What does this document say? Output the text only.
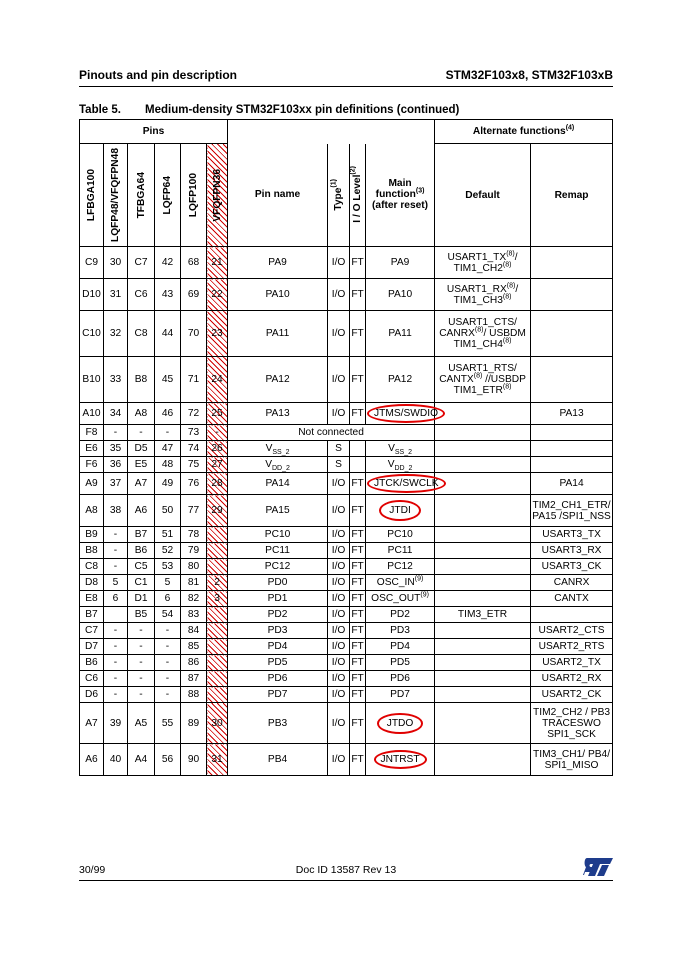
Pinouts and pin description	STM32F103x8, STM32F103xB
Table 5. Medium-density STM32F103xx pin definitions (continued)
Pins										Alternate functions$^{(4)}$

LFBGA100	LQFP48/VFQFPN48	TFBGA64	LQFP64	LQFP100	VFQFPN36	Pin name	Type$^{(1)}$	I / O Level$^{(2)}$	Main
function$^{(3)}$
(after reset)	Default	Remap
C9	30	C7	42	68	21	PA9	I/O	FT	PA9	USART1_TX$^{(8)}$/ TIM1_CH2$^{(8)}$	
D10	31	C6	43	69	22	PA10	I/O	FT	PA10	USART1_RX$^{(8)}$/ TIM1_CH3$^{(8)}$	
C10	32	C8	44	70	23	PA11	I/O	FT	PA11	USART1_CTS/ CANRX$^{(8)}$/ USBDM TIM1_CH4$^{(8)}$	
B10	33	B8	45	71	24	PA12	I/O	FT	PA12	USART1_RTS/ CANTX$^{(8)}$ //USBDP TIM1_ETR$^{(8)}$	
A10	34	A8	46	72	25	PA13	I/O	FT	JTMS/SWDIO		PA13
F8	-	-	-	73	-	Not connected					
E6	35	D5	47	74	26	$V_{SS\_2}$	S		$V_{SS\_2}$		
F6	36	E5	48	75	27	$V_{DD\_2}$	S		$V_{DD\_2}$		
A9	37	A7	49	76	28	PA14	I/O	FT	JTCK/SWCLK		PA14
A8	38	A6	50	77	29	PA15	I/O	FT	JTDI		TIM2_CH1_ETR/ PA15 /SPI1_NSS
B9	-	B7	51	78		PC10	I/O	FT	PC10		USART3_TX
B8	-	B6	52	79		PC11	I/O	FT	PC11		USART3_RX
C8	-	C5	53	80		PC12	I/O	FT	PC12		USART3_CK
D8	5	C1	5	81	2	PD0	I/O	FT	OSC_IN$^{(9)}$		CANRX
E8	6	D1	6	82	3	PD1	I/O	FT	OSC_OUT$^{(9)}$		CANTX
B7		B5	54	83		PD2	I/O	FT	PD2	TIM3_ETR	
C7	-	-	-	84		PD3	I/O	FT	PD3		USART2_CTS
D7	-	-	-	85		PD4	I/O	FT	PD4		USART2_RTS
B6	-	-	-	86		PD5	I/O	FT	PD5		USART2_TX
C6	-	-	-	87		PD6	I/O	FT	PD6		USART2_RX
D6	-	-	-	88		PD7	I/O	FT	PD7		USART2_CK
A7	39	A5	55	89	30	PB3	I/O	FT	JTDO		TIM2_CH2 / PB3 TRACESWO SPI1_SCK
A6	40	A4	56	90	31	PB4	I/O	FT	JNTRST		TIM3_CH1/ PB4/ SPI1_MISO
30/99	Doc ID 13587 Rev 13
